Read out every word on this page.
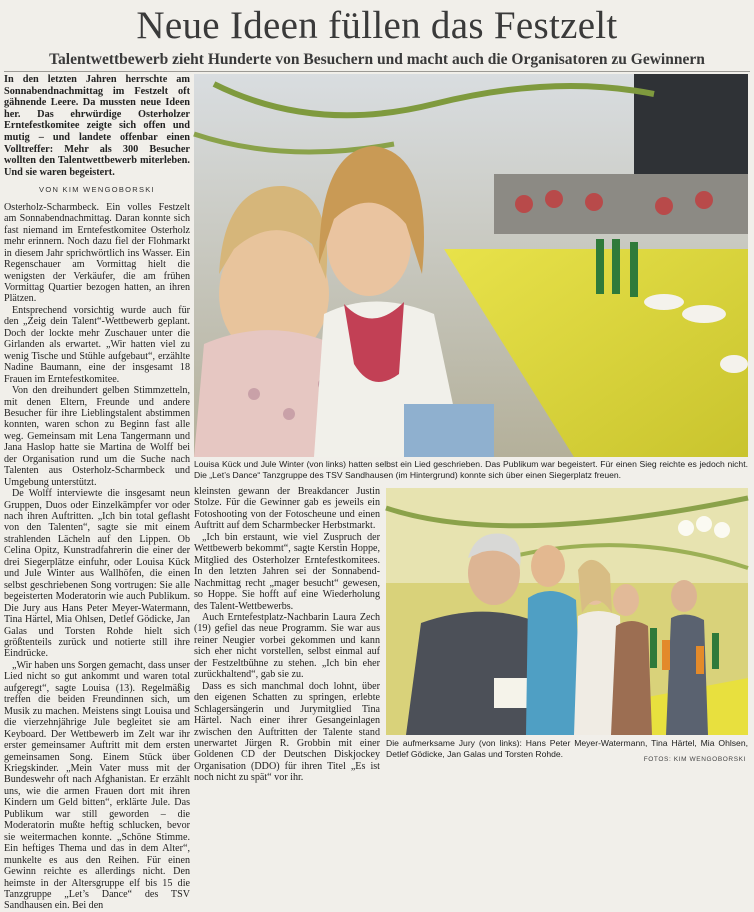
Neue Ideen füllen das Festzelt
Talentwettbewerb zieht Hunderte von Besuchern und macht auch die Organisatoren zu Gewinnern
In den letzten Jahren herrschte am Sonnabendnachmittag im Festzelt oft gähnende Leere. Da mussten neue Ideen her. Das ehrwürdige Osterholzer Erntefestkomitee zeigte sich offen und mutig – und landete offenbar einen Volltreffer: Mehr als 300 Besucher wollten den Talentwettbewerb miterleben. Und sie waren begeistert.
VON KIM WENGOBORSKI

Osterholz-Scharmbeck. Ein volles Festzelt am Sonnabendnachmittag. Daran konnte sich fast niemand im Erntefestkomitee Osterholz mehr erinnern. Noch dazu fiel der Flohmarkt in diesem Jahr sprichwörtlich ins Wasser. Ein Regenschauer am Vormittag hielt die wenigsten der Verkäufer, die am frühen Vormittag Quartier bezogen hatten, an ihren Plätzen.

Entsprechend vorsichtig wurde auch für den „Zeig dein Talent“-Wettbewerb geplant. Doch der lockte mehr Zuschauer unter die Girlanden als erwartet. „Wir hatten viel zu wenig Tische und Stühle aufgebaut“, erzählte Nadine Baumann, eine der insgesamt 18 Frauen im Erntefestkomitee.

Von den dreihundert gelben Stimmzetteln, mit denen Eltern, Freunde und andere Besucher für ihre Lieblingstalent abstimmen konnten, waren schon zu Beginn fast alle weg. Gemeinsam mit Lena Tangermann und Jana Haslop hatte sie Martina de Wolff bei der Organisation rund um die Suche nach Talenten aus Osterholz-Scharmbeck und Umgebung unterstützt.

De Wolff interviewte die insgesamt neun Gruppen, Duos oder Einzelkämpfer vor oder nach ihren Auftritten. „Ich bin total geflasht von den Talenten“, sagte sie mit einem strahlenden Lächeln auf den Lippen. Ob Celina Opitz, Kunstradfahrerin die einer der drei Siegerplätze einfuhr, oder Louisa Kück und Jule Winter aus Wallhöfen, die einen selbst geschriebenen Song vortrugen: Sie alle begeisterten Moderatorin wie auch Publikum. Die Jury aus Hans Peter Meyer-Watermann, Tina Härtel, Mia Ohlsen, Detlef Gödicke, Jan Galas und Torsten Rohde hielt sich größtenteils zurück und notierte still ihre Eindrücke.

„Wir haben uns Sorgen gemacht, dass unser Lied nicht so gut ankommt und waren total aufgeregt“, sagte Louisa (13). Regelmäßig treffen die beiden Freundinnen sich, um Musik zu machen. Meistens singt Louisa und die vierzehnjährige Jule begleitet sie am Keyboard. Der Wettbewerb im Zelt war ihr erster gemeinsamer Auftritt mit dem ersten gemeinsamen Song. Einem Stück über Kriegskinder. „Mein Vater muss mit der Bundeswehr oft nach Afghanistan. Er erzählt uns, wie die armen Frauen dort mit ihren Kindern um Geld bitten“, erklärte Jule. Das Publikum war still geworden – die Moderatorin mußte heftig schlucken, bevor sie weitermachen konnte. „Schöne Stimme. Ein heftiges Thema und das in dem Alter“, munkelte es aus den Reihen. Für einen Gewinn reichte es allerdings nicht. Den heimste in der Altersgruppe elf bis 15 die Tanzgruppe „Let’s Dance“ des TSV Sandhausen ein. Bei den

Louisa Kück und Jule Winter (von links) hatten selbst ein Lied geschrieben. Das Publikum war begeistert. Für einen Sieg reichte es jedoch nicht. Die „Let’s Dance“ Tanzgruppe des TSV Sandhausen (im Hintergrund) konnte sich über einen Siegerplatz freuen.

kleinsten gewann der Breakdancer Justin Stolze. Für die Gewinner gab es jeweils ein Fotoshooting von der Fotoscheune und einen Auftritt auf dem Scharmbecker Herbstmarkt.

„Ich bin erstaunt, wie viel Zuspruch der Wettbewerb bekommt“, sagte Kerstin Hoppe, Mitglied des Osterholzer Erntefestkomitees. In den letzten Jahren sei der Sonnabend-Nachmittag recht „mager besucht“ gewesen, so Hoppe. Sie hofft auf eine Wiederholung des Talent-Wettbewerbs.

Auch Erntefestplatz-Nachbarin Laura Zech (19) gefiel das neue Programm. Sie war aus reiner Neugier vorbei gekommen und kann sich eher nicht vorstellen, selbst einmal auf der Festzeltbühne zu stehen. „Ich bin eher zurückhaltend“, gab sie zu.

Dass es sich manchmal doch lohnt, über den eigenen Schatten zu springen, erlebte Schlagersängerin und Jurymitglied Tina Härtel. Nach einer ihrer Gesangeinlagen zwischen den Auftritten der Talente stand unerwartet Jürgen R. Grobbin mit einer Goldenen CD der Deutschen Diskjockey Organisation (DDO) für ihren Titel „Es ist noch nicht zu spät“ vor ihr.

Die aufmerksame Jury (von links): Hans Peter Meyer-Watermann, Tina Härtel, Mia Ohlsen, Detlef Gödicke, Jan Galas und Torsten Rohde.
FOTOS: KIM WENGOBORSKI
